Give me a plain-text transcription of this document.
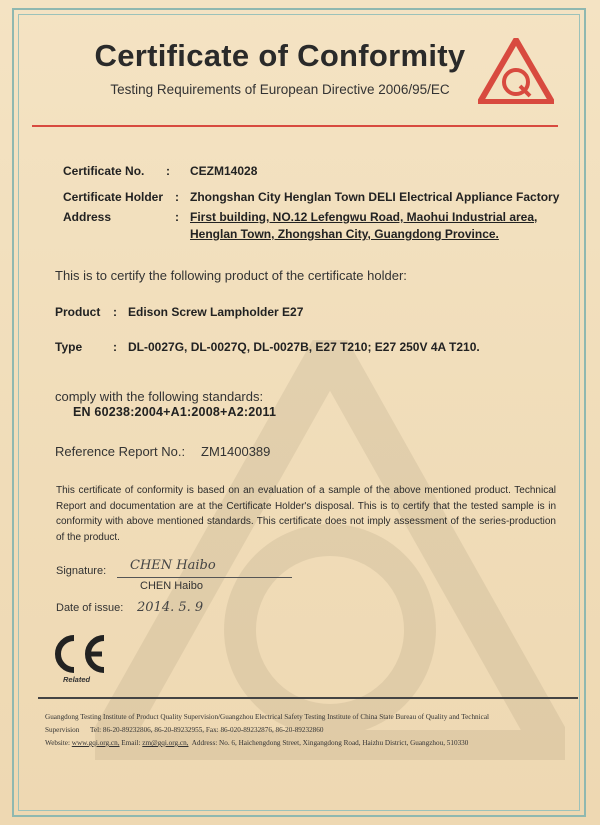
Certificate of Conformity
Testing Requirements of European Directive 2006/95/EC
Certificate No. : CEZM14028
Certificate Holder : Zhongshan City Henglan Town DELI Electrical Appliance Factory
Address	: First building, NO.12 Lefengwu Road, Maohui Industrial area,
Henglan Town, Zhongshan City, Guangdong Province.
This is to certify the following product of the certificate holder:
Product : Edison Screw Lampholder E27
Type	: DL-0027G, DL-0027Q, DL-0027B, E27 T210; E27 250V 4A T210.
comply with the following standards:
EN 60238:2004+A1:2008+A2:2011
Reference Report No.: ZM1400389
This certificate of conformity is based on an evaluation of a sample of the above mentioned product. Technical Report and documentation are at the Certificate Holder's disposal. This is to certify that the tested sample is in conformity with above mentioned standards. This certificate does not imply assessment of the series-production of the product.
Signature: CHEN Haibo
CHEN Haibo
Date of issue: 2014. 5. 9
Related
Guangdong Testing Institute of Product Quality Supervision/Guangzhou Electrical Safety Testing Institute of China State Bureau of Quality and Technical
Supervision Tel: 86-20-89232806, 86-20-89232955, Fax: 86-020-89232876, 86-20-89232860
Website: www.gqi.org.cn, Email: zm@gqi.org.cn, Address: No. 6, Haichengdong Street, Xingangdong Road, Haizhu District, Guangzhou, 510330
